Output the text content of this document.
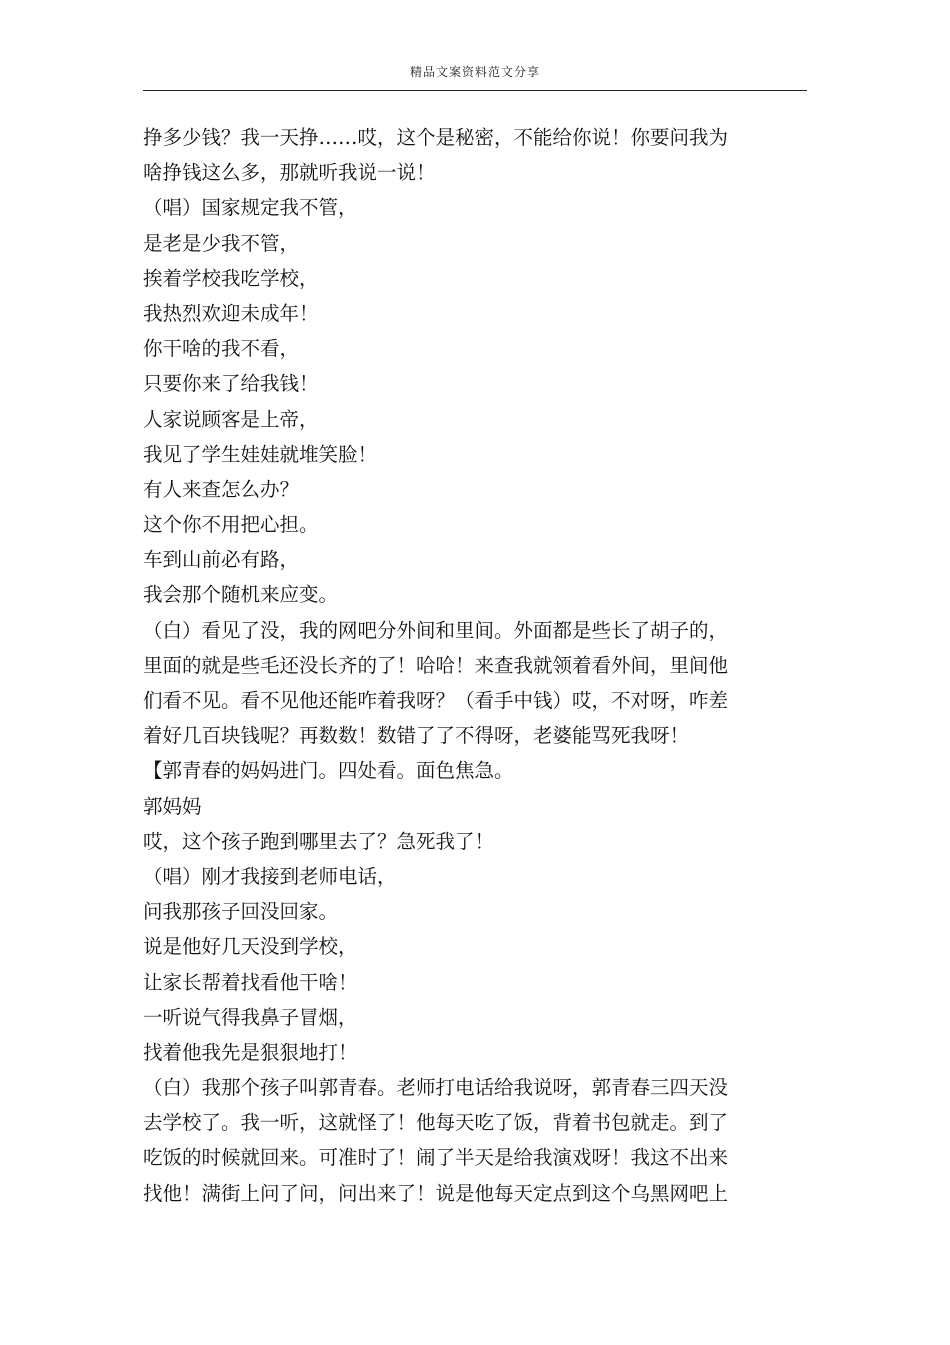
精品文案资料范文分享
挣多少钱？我一天挣……哎，这个是秘密，不能给你说！你要问我为
啥挣钱这么多，那就听我说一说！
（唱）国家规定我不管，
是老是少我不管，
挨着学校我吃学校，
我热烈欢迎未成年！
你干啥的我不看，
只要你来了给我钱！
人家说顾客是上帝，
我见了学生娃娃就堆笑脸！
有人来查怎么办？
这个你不用把心担。
车到山前必有路，
我会那个随机来应变。
（白）看见了没，我的网吧分外间和里间。外面都是些长了胡子的，
里面的就是些毛还没长齐的了！哈哈！来查我就领着看外间，里间他
们看不见。看不见他还能咋着我呀？（看手中钱）哎，不对呀，咋差
着好几百块钱呢？再数数！数错了了不得呀，老婆能骂死我呀！
【郭青春的妈妈进门。四处看。面色焦急。
郭妈妈
哎，这个孩子跑到哪里去了？急死我了！
（唱）刚才我接到老师电话，
问我那孩子回没回家。
说是他好几天没到学校，
让家长帮着找看他干啥！
一听说气得我鼻子冒烟，
找着他我先是狠狠地打！
（白）我那个孩子叫郭青春。老师打电话给我说呀，郭青春三四天没
去学校了。我一听，这就怪了！他每天吃了饭，背着书包就走。到了
吃饭的时候就回来。可准时了！闹了半天是给我演戏呀！我这不出来
找他！满街上问了问，问出来了！说是他每天定点到这个乌黑网吧上
